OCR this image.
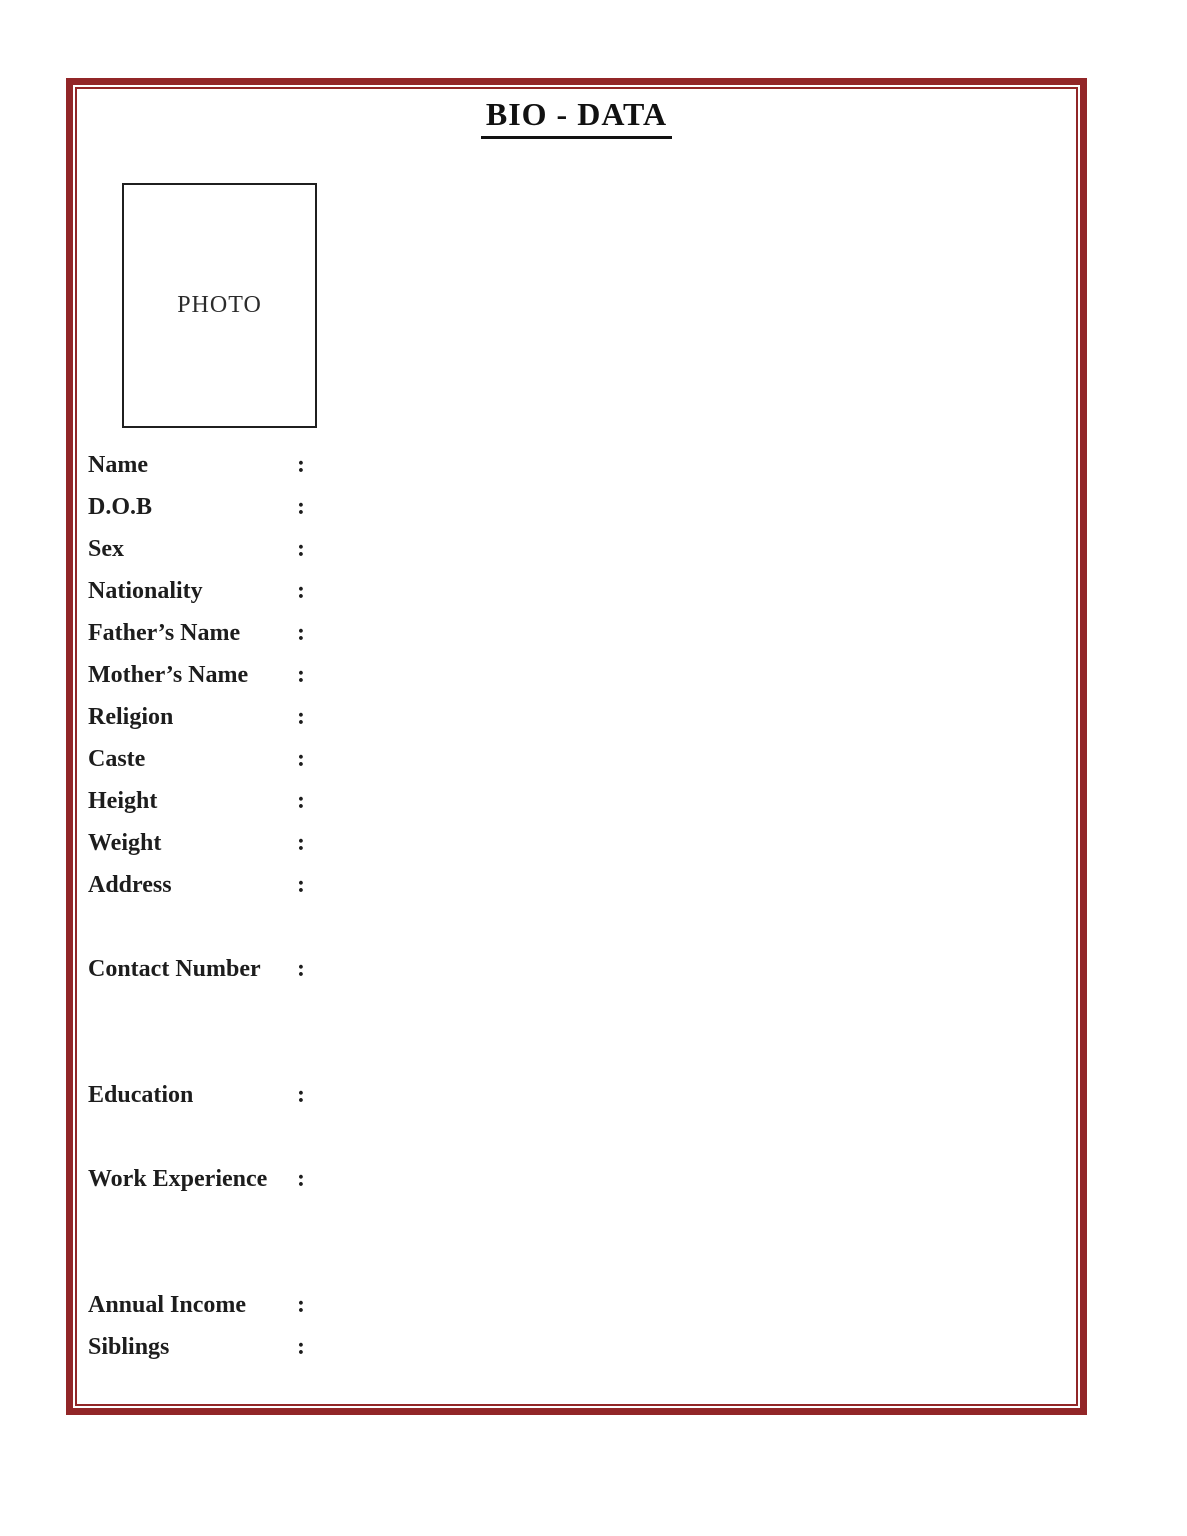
BIO - DATA
PHOTO
Name	:
D.O.B	:
Sex	:
Nationality	:
Father’s Name	:
Mother’s Name	:
Religion	:
Caste	:
Height	:
Weight	:
Address	:
Contact Number	:
Education	:
Work Experience	:
Annual Income	:
Siblings	:
